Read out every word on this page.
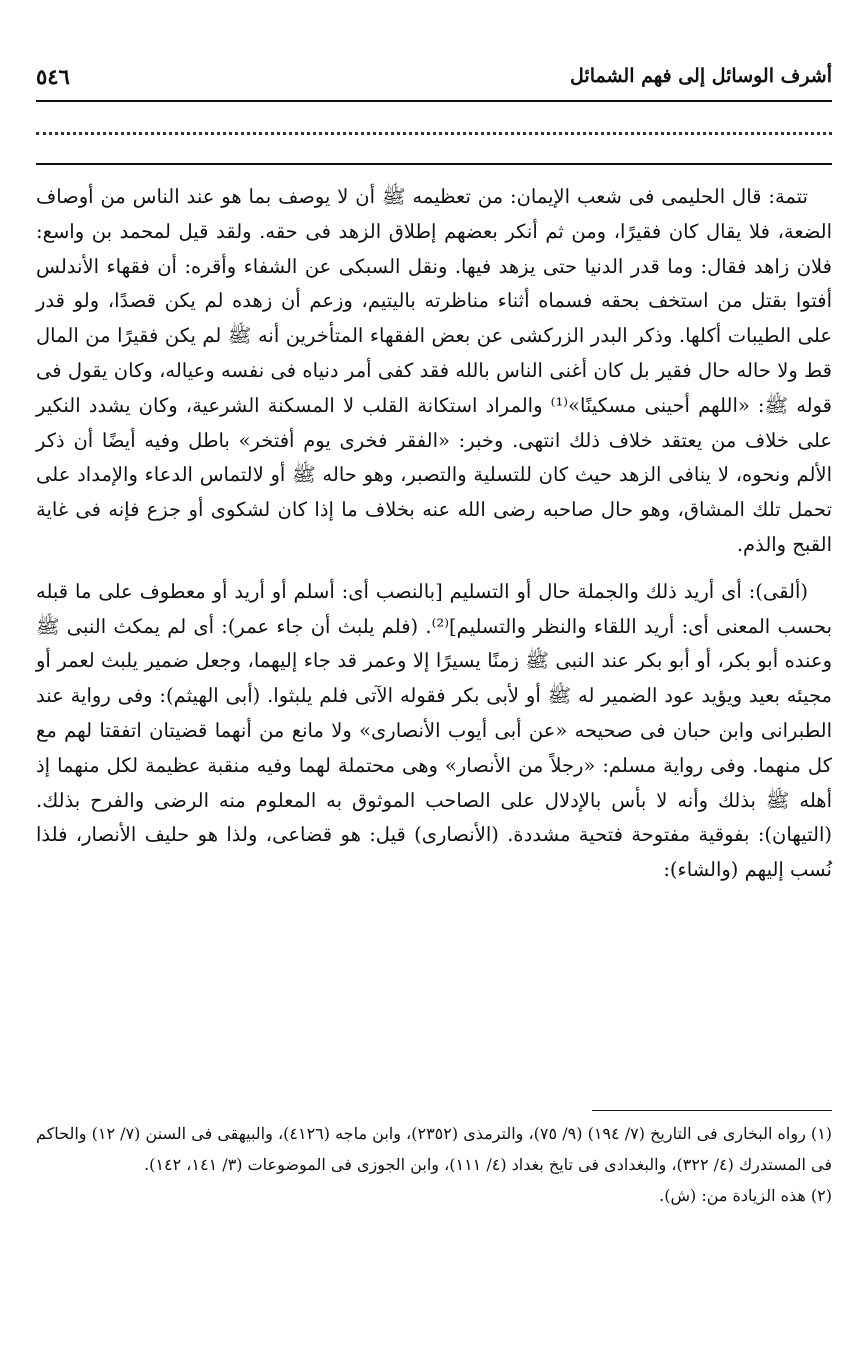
أشرف الوسائل إلى فهم الشمائل
٥٤٦

تتمة: قال الحليمى فى شعب الإيمان: من تعظيمه ﷺ أن لا يوصف بما هو عند الناس من أوصاف الضعة، فلا يقال كان فقيرًا، ومن ثم أنكر بعضهم إطلاق الزهد فى حقه. ولقد قيل لمحمد بن واسع: فلان زاهد فقال: وما قدر الدنيا حتى يزهد فيها. ونقل السبكى عن الشفاء وأقره: أن فقهاء الأندلس أفتوا بقتل من استخف بحقه فسماه أثناء مناظرته باليتيم، وزعم أن زهده لم يكن قصدًا، ولو قدر على الطيبات أكلها. وذكر البدر الزركشى عن بعض الفقهاء المتأخرين أنه ﷺ لم يكن فقيرًا من المال قط ولا حاله حال فقير بل كان أغنى الناس بالله فقد كفى أمر دنياه فى نفسه وعياله، وكان يقول فى قوله ﷺ: «اللهم أحينى مسكينًا»⁽¹⁾ والمراد استكانة القلب لا المسكنة الشرعية، وكان يشدد النكير على خلاف من يعتقد خلاف ذلك انتهى. وخبر: «الفقر فخرى يوم أفتخر» باطل وفيه أيضًا أن ذكر الألم ونحوه، لا ينافى الزهد حيث كان للتسلية والتصبر، وهو حاله ﷺ أو لالتماس الدعاء والإمداد على تحمل تلك المشاق، وهو حال صاحبه رضى الله عنه بخلاف ما إذا كان لشكوى أو جزع فإنه فى غاية القبح والذم.

(ألقى): أى أريد ذلك والجملة حال أو التسليم [بالنصب أى: أسلم أو أريد أو معطوف على ما قبله بحسب المعنى أى: أريد اللقاء والنظر والتسليم]⁽²⁾. (فلم يلبث أن جاء عمر): أى لم يمكث النبى ﷺ وعنده أبو بكر، أو أبو بكر عند النبى ﷺ زمنًا يسيرًا إلا وعمر قد جاء إليهما، وجعل ضمير يلبث لعمر أو مجيئه بعيد ويؤيد عود الضمير له ﷺ أو لأبى بكر فقوله الآتى فلم يلبثوا. (أبى الهيثم): وفى رواية عند الطبرانى وابن حبان فى صحيحه «عن أبى أيوب الأنصارى» ولا مانع من أنهما قضيتان اتفقتا لهم مع كل منهما. وفى رواية مسلم: «رجلاً من الأنصار» وهى محتملة لهما وفيه منقبة عظيمة لكل منهما إذ أهله ﷺ بذلك وأنه لا بأس بالإدلال على الصاحب الموثوق به المعلوم منه الرضى والفرح بذلك. (التيهان): بفوقية مفتوحة فتحية مشددة. (الأنصارى) قيل: هو قضاعى، ولذا هو حليف الأنصار، فلذا نُسب إليهم (والشاء):

(١) رواه البخارى فى التاريخ (٧/ ١٩٤) (٩/ ٧٥)، والترمذى (٢٣٥٢)، وابن ماجه (٤١٢٦)، والبيهقى فى السنن (٧/ ١٢) والحاكم فى المستدرك (٤/ ٣٢٢)، والبغدادى فى تايخ بغداد (٤/ ١١١)، وابن الجوزى فى الموضوعات (٣/ ١٤١، ١٤٢).
(٢) هذه الزيادة من: (ش).
